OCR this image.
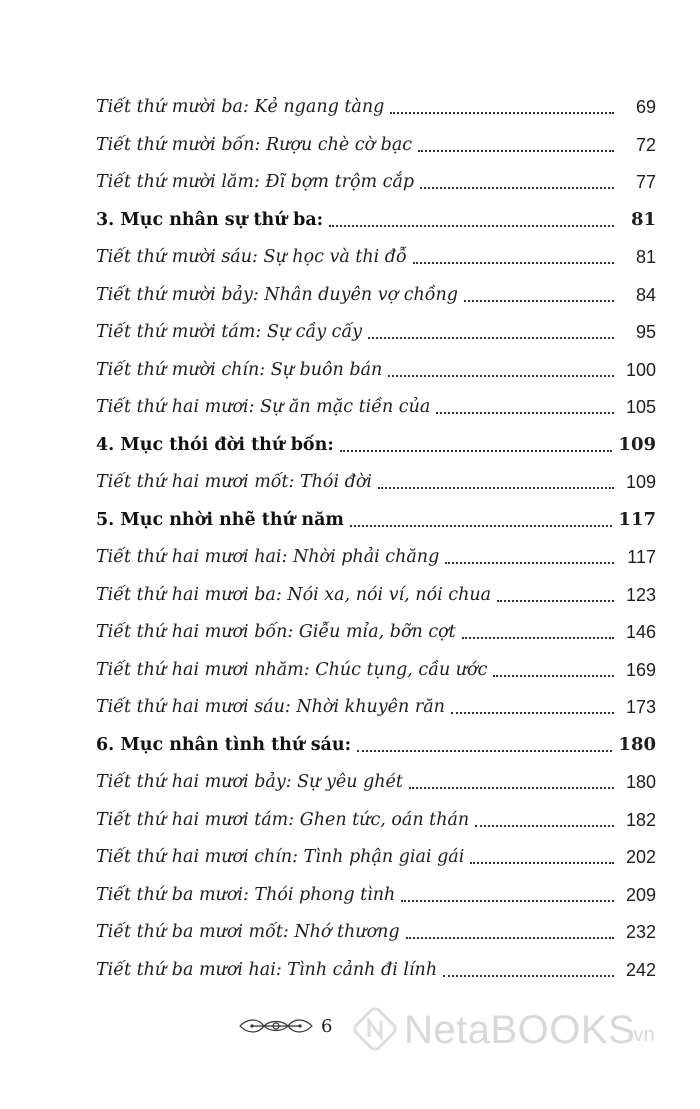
Tiết thứ mười ba: Kẻ ngang tàng	69
Tiết thứ mười bốn: Rượu chè cờ bạc	72
Tiết thứ mười lăm: Đĩ bợm trộm cắp	77
3. Mục nhân sự thứ ba:	81
Tiết thứ mười sáu: Sự học và thi đỗ	81
Tiết thứ mười bảy: Nhân duyên vợ chồng	84
Tiết thứ mười tám: Sự cầy cấy	95
Tiết thứ mười chín: Sự buôn bán	100
Tiết thứ hai mươi: Sự ăn mặc tiền của	105
4. Mục thói đời thứ bốn:	109
Tiết thứ hai mươi mốt: Thói đời	109
5. Mục nhời nhẽ thứ năm	117
Tiết thứ hai mươi hai: Nhời phải chăng	117
Tiết thứ hai mươi ba: Nói xa, nói ví, nói chua	123
Tiết thứ hai mươi bốn: Giễu mỉa, bỡn cợt	146
Tiết thứ hai mươi nhăm: Chúc tụng, cầu ước	169
Tiết thứ hai mươi sáu: Nhời khuyên răn	173
6. Mục nhân tình thứ sáu:	180
Tiết thứ hai mươi bảy: Sự yêu ghét	180
Tiết thứ hai mươi tám: Ghen tức, oán thán	182
Tiết thứ hai mươi chín: Tình phận giai gái	202
Tiết thứ ba mươi: Thói phong tình	209
Tiết thứ ba mươi mốt: Nhớ thương	232
Tiết thứ ba mươi hai: Tình cảnh đi lính	242
6 NetaBOOKS
.vn
